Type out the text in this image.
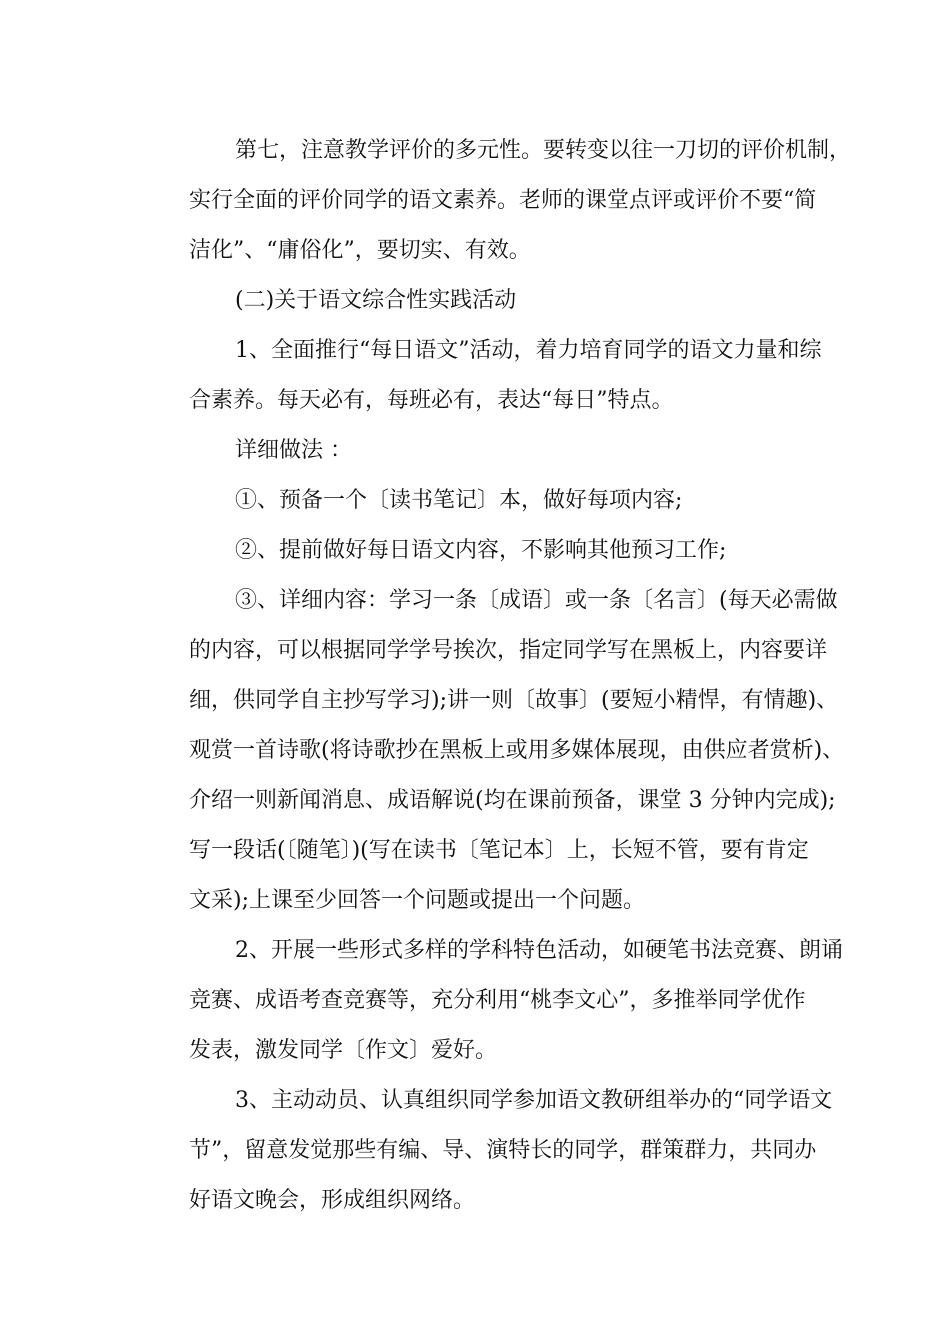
第七，注意教学评价的多元性。要转变以往一刀切的评价机制，
实行全面的评价同学的语文素养。老师的课堂点评或评价不要“简
洁化”、“庸俗化”，要切实、有效。
(二)关于语文综合性实践活动
1、全面推行“每日语文”活动，着力培育同学的语文力量和综
合素养。每天必有，每班必有，表达“每日”特点。
详细做法 ：
①、预备一个〔读书笔记〕本，做好每项内容;
②、提前做好每日语文内容，不影响其他预习工作;
③、详细内容：学习一条〔成语〕或一条〔名言〕(每天必需做
的内容，可以根据同学学号挨次，指定同学写在黑板上，内容要详
细，供同学自主抄写学习);讲一则〔故事〕(要短小精悍，有情趣)、
观赏一首诗歌(将诗歌抄在黑板上或用多媒体展现，由供应者赏析)、
介绍一则新闻消息、成语解说(均在课前预备，课堂 3 分钟内完成);
写一段话(〔随笔〕)(写在读书〔笔记本〕上，长短不管，要有肯定
文采);上课至少回答一个问题或提出一个问题。
2、开展一些形式多样的学科特色活动，如硬笔书法竞赛、朗诵
竞赛、成语考查竞赛等，充分利用“桃李文心”，多推举同学优作
发表，激发同学〔作文〕爱好。
3、主动动员、认真组织同学参加语文教研组举办的“同学语文
节”，留意发觉那些有编、导、演特长的同学，群策群力，共同办
好语文晚会，形成组织网络。
